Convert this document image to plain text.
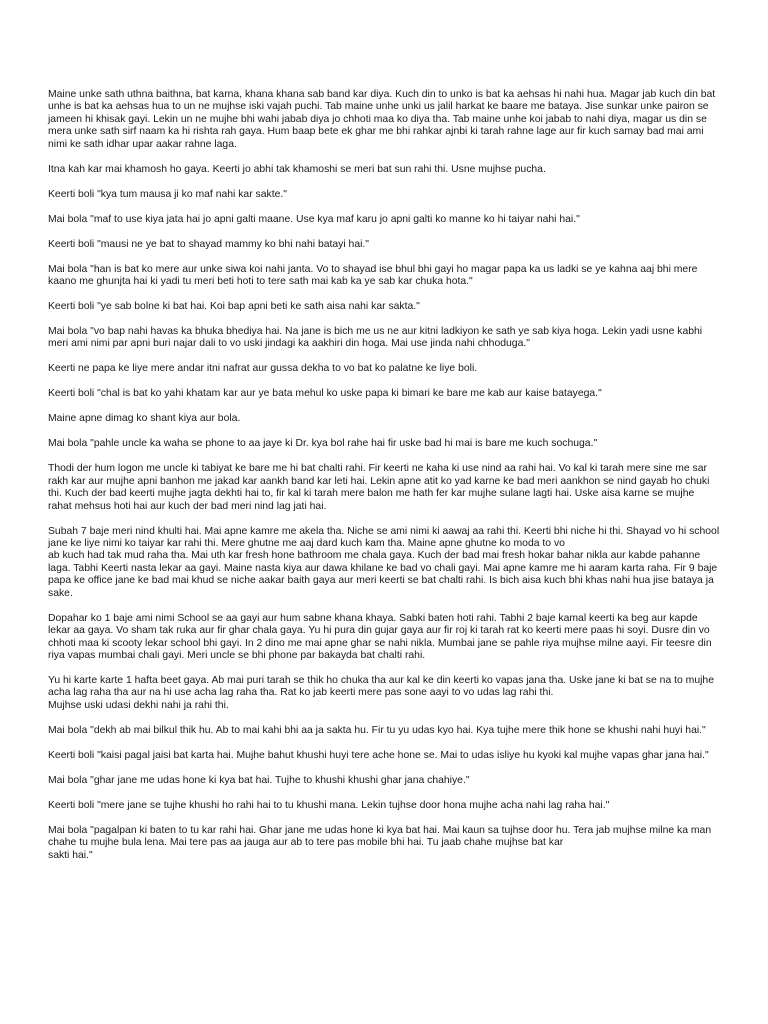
Maine unke sath uthna baithna, bat karna, khana khana sab band kar diya. Kuch din to unko is bat ka aehsas hi nahi hua. Magar jab kuch din bat unhe is bat ka aehsas hua to un ne mujhse iski vajah puchi. Tab maine unhe unki us jalil harkat ke baare me bataya. Jise sunkar unke pairon se jameen hi khisak gayi. Lekin un ne mujhe bhi wahi jabab diya jo chhoti maa ko diya tha. Tab maine unhe koi jabab to nahi diya, magar us din se mera unke sath sirf naam ka hi rishta rah gaya. Hum baap bete ek ghar me bhi rahkar ajnbi ki tarah rahne lage aur fir kuch samay bad mai ami nimi ke sath idhar upar aakar rahne laga.

Itna kah kar mai khamosh ho gaya. Keerti jo abhi tak khamoshi se meri bat sun rahi thi. Usne mujhse pucha.

Keerti boli "kya tum mausa ji ko maf nahi kar sakte."

Mai bola "maf to use kiya jata hai jo apni galti maane. Use kya maf karu jo apni galti ko manne ko hi taiyar nahi hai."

Keerti boli "mausi ne ye bat to shayad mammy ko bhi nahi batayi hai."

Mai bola "han is bat ko mere aur unke siwa koi nahi janta. Vo to shayad ise bhul bhi gayi ho magar papa ka us ladki se ye kahna aaj bhi mere kaano me ghunjta hai ki yadi tu meri beti hoti to tere sath mai kab ka ye sab kar chuka hota."

Keerti boli "ye sab bolne ki bat hai. Koi bap apni beti ke sath aisa nahi kar sakta."

Mai bola "vo bap nahi havas ka bhuka bhediya hai. Na jane is bich me us ne aur kitni ladkiyon ke sath ye sab kiya hoga. Lekin yadi usne kabhi meri ami nimi par apni buri najar dali to vo uski jindagi ka aakhiri din hoga. Mai use jinda nahi chhoduga."

Keerti ne papa ke liye mere andar itni nafrat aur gussa dekha to vo bat ko palatne ke liye boli.

Keerti boli "chal is bat ko yahi khatam kar aur ye bata mehul ko uske papa ki bimari ke bare me kab aur kaise batayega."

Maine apne dimag ko shant kiya aur bola.

Mai bola "pahle uncle ka waha se phone to aa jaye ki Dr. kya bol rahe hai fir uske bad hi mai is bare me kuch sochuga."

Thodi der hum logon me uncle ki tabiyat ke bare me hi bat chalti rahi. Fir keerti ne kaha ki use nind aa rahi hai. Vo kal ki tarah mere sine me sar rakh kar aur mujhe apni banhon me jakad kar aankh band kar leti hai. Lekin apne atit ko yad karne ke bad meri aankhon se nind gayab ho chuki thi. Kuch der bad keerti mujhe jagta dekhti hai to, fir kal ki tarah mere balon me hath fer kar mujhe sulane lagti hai. Uske aisa karne se mujhe rahat mehsus hoti hai aur kuch der bad meri nind lag jati hai.

Subah 7 baje meri nind khulti hai. Mai apne kamre me akela tha. Niche se ami nimi ki aawaj aa rahi thi. Keerti bhi niche hi thi. Shayad vo hi school jane ke liye nimi ko taiyar kar rahi thi. Mere ghutne me aaj dard kuch kam tha. Maine apne ghutne ko moda to vo
ab kuch had tak mud raha tha. Mai uth kar fresh hone bathroom me chala gaya. Kuch der bad mai fresh hokar bahar nikla aur kabde pahanne laga. Tabhi Keerti nasta lekar aa gayi. Maine nasta kiya aur dawa khilane ke bad vo chali gayi. Mai apne kamre me hi aaram karta raha. Fir 9 baje papa ke office jane ke bad mai khud se niche aakar baith gaya aur meri keerti se bat chalti rahi. Is bich aisa kuch bhi khas nahi hua jise bataya ja sake.

Dopahar ko 1 baje ami nimi School se aa gayi aur hum sabne khana khaya. Sabki baten hoti rahi. Tabhi 2 baje kamal keerti ka beg aur kapde lekar aa gaya. Vo sham tak ruka aur fir ghar chala gaya. Yu hi pura din gujar gaya aur fir roj ki tarah rat ko keerti mere paas hi soyi. Dusre din vo chhoti maa ki scooty lekar school bhi gayi. In 2 dino me mai apne ghar se nahi nikla. Mumbai jane se pahle riya mujhse milne aayi. Fir teesre din riya vapas mumbai chali gayi. Meri uncle se bhi phone par bakayda bat chalti rahi.

Yu hi karte karte 1 hafta beet gaya. Ab mai puri tarah se thik ho chuka tha aur kal ke din keerti ko vapas jana tha. Uske jane ki bat se na to mujhe acha lag raha tha aur na hi use acha lag raha tha. Rat ko jab keerti mere pas sone aayi to vo udas lag rahi thi.
Mujhse uski udasi dekhi nahi ja rahi thi.

Mai bola "dekh ab mai bilkul thik hu. Ab to mai kahi bhi aa ja sakta hu. Fir tu yu udas kyo hai. Kya tujhe mere thik hone se khushi nahi huyi hai."

Keerti boli "kaisi pagal jaisi bat karta hai. Mujhe bahut khushi huyi tere ache hone se. Mai to udas isliye hu kyoki kal mujhe vapas ghar jana hai."

Mai bola "ghar jane me udas hone ki kya bat hai. Tujhe to khushi khushi ghar jana chahiye."

Keerti boli "mere jane se tujhe khushi ho rahi hai to tu khushi mana. Lekin tujhse door hona mujhe acha nahi lag raha hai."

Mai bola "pagalpan ki baten to tu kar rahi hai. Ghar jane me udas hone ki kya bat hai. Mai kaun sa tujhse door hu. Tera jab mujhse milne ka man chahe tu mujhe bula lena. Mai tere pas aa jauga aur ab to tere pas mobile bhi hai. Tu jaab chahe mujhse bat kar
sakti hai."
